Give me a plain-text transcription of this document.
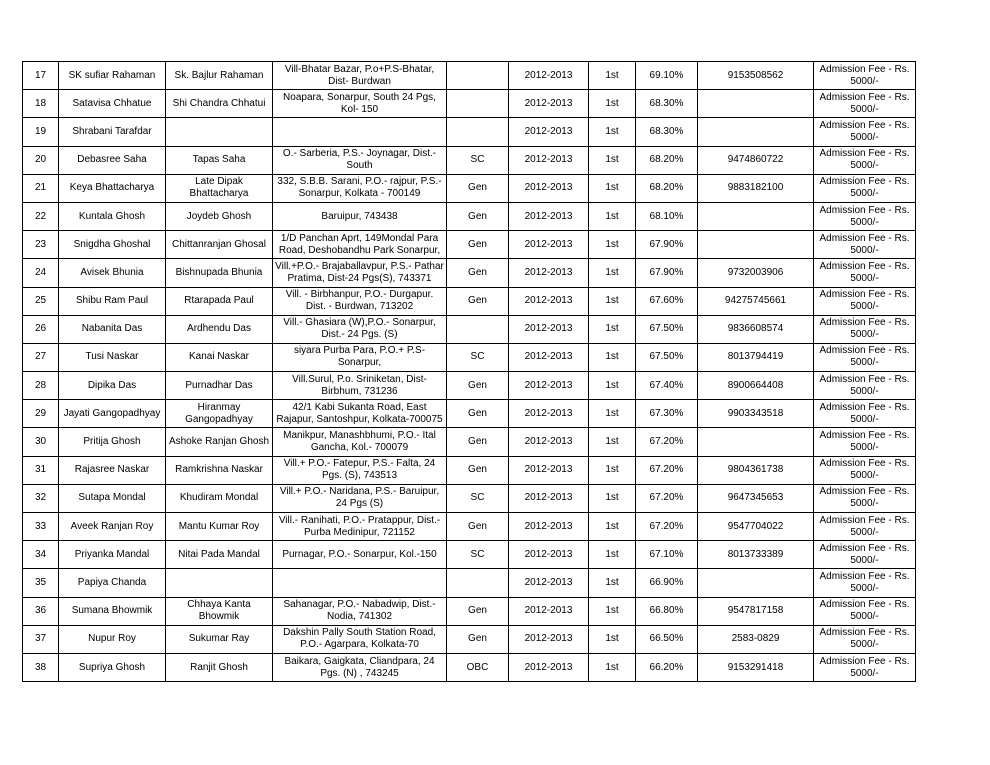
17	SK sufiar Rahaman	Sk. Bajlur Rahaman	Vill-Bhatar Bazar, P.o+P.S-Bhatar, Dist- Burdwan		2012-2013	1st	69.10%	9153508562	Admission Fee - Rs. 5000/-
18	Satavisa Chhatue	Shi Chandra Chhatui	Noapara, Sonarpur, South 24 Pgs, Kol- 150		2012-2013	1st	68.30%		Admission Fee - Rs. 5000/-
19	Shrabani Tarafdar				2012-2013	1st	68.30%		Admission Fee - Rs. 5000/-
20	Debasree Saha	Tapas Saha	O.- Sarberia, P.S.- Joynagar, Dist.- South	SC	2012-2013	1st	68.20%	9474860722	Admission Fee - Rs. 5000/-
21	Keya Bhattacharya	Late Dipak Bhattacharya	332, S.B.B. Sarani, P.O.- rajpur, P.S.- Sonarpur, Kolkata - 700149	Gen	2012-2013	1st	68.20%	9883182100	Admission Fee - Rs. 5000/-
22	Kuntala Ghosh	Joydeb Ghosh	Baruipur, 743438	Gen	2012-2013	1st	68.10%		Admission Fee - Rs. 5000/-
23	Snigdha Ghoshal	Chittanranjan Ghosal	1/D Panchan Aprt, 149Mondal Para Road, Deshobandhu Park Sonarpur,	Gen	2012-2013	1st	67.90%		Admission Fee - Rs. 5000/-
24	Avisek Bhunia	Bishnupada Bhunia	Vill.+P.O.- Brajaballavpur, P.S.- Pathar Pratima, Dist-24 Pgs(S), 743371	Gen	2012-2013	1st	67.90%	9732003906	Admission Fee - Rs. 5000/-
25	Shibu Ram Paul	Rtarapada Paul	Vill. - Birbhanpur, P.O.- Durgapur. Dist. - Burdwan, 713202	Gen	2012-2013	1st	67.60%	94275745661	Admission Fee - Rs. 5000/-
26	Nabanita Das	Ardhendu Das	Vill.- Ghasiara (W),P.O.- Sonarpur, Dist.- 24 Pgs. (S)		2012-2013	1st	67.50%	9836608574	Admission Fee - Rs. 5000/-
27	Tusi Naskar	Kanai Naskar	siyara Purba Para, P.O.+ P.S- Sonarpur,	SC	2012-2013	1st	67.50%	8013794419	Admission Fee - Rs. 5000/-
28	Dipika Das	Purnadhar Das	Vill.Surul, P.o. Sriniketan, Dist- Birbhum, 731236	Gen	2012-2013	1st	67.40%	8900664408	Admission Fee - Rs. 5000/-
29	Jayati Gangopadhyay	Hiranmay Gangopadhyay	42/1 Kabi Sukanta Road, East Rajapur, Santoshpur, Kolkata-700075	Gen	2012-2013	1st	67.30%	9903343518	Admission Fee - Rs. 5000/-
30	Pritija Ghosh	Ashoke Ranjan Ghosh	Manikpur, Manashbhumi, P.O.- Ital Gancha, Kol.- 700079	Gen	2012-2013	1st	67.20%		Admission Fee - Rs. 5000/-
31	Rajasree Naskar	Ramkrishna Naskar	Vill.+ P.O.- Fatepur, P.S.- Falta, 24 Pgs. (S), 743513	Gen	2012-2013	1st	67.20%	9804361738	Admission Fee - Rs. 5000/-
32	Sutapa Mondal	Khudiram Mondal	Vill.+ P.O.- Naridana, P.S.- Baruipur, 24 Pgs (S)	SC	2012-2013	1st	67.20%	9647345653	Admission Fee - Rs. 5000/-
33	Aveek Ranjan Roy	Mantu Kumar Roy	Vill.- Ranihati, P.O.- Pratappur, Dist.- Purba Medinipur, 721152	Gen	2012-2013	1st	67.20%	9547704022	Admission Fee - Rs. 5000/-
34	Priyanka Mandal	Nitai Pada Mandal	Purnagar, P.O.- Sonarpur, Kol.-150	SC	2012-2013	1st	67.10%	8013733389	Admission Fee - Rs. 5000/-
35	Papiya Chanda				2012-2013	1st	66.90%		Admission Fee - Rs. 5000/-
36	Sumana Bhowmik	Chhaya Kanta Bhowmik	Sahanagar, P.O.- Nabadwip, Dist.- Nodia, 741302	Gen	2012-2013	1st	66.80%	9547817158	Admission Fee - Rs. 5000/-
37	Nupur Roy	Sukumar Ray	Dakshin Pally South Station Road, P.O.- Agarpara, Kolkata-70	Gen	2012-2013	1st	66.50%	2583-0829	Admission Fee - Rs. 5000/-
38	Supriya Ghosh	Ranjit Ghosh	Baikara, Gaigkata, Cliandpara, 24 Pgs. (N) , 743245	OBC	2012-2013	1st	66.20%	9153291418	Admission Fee - Rs. 5000/-
